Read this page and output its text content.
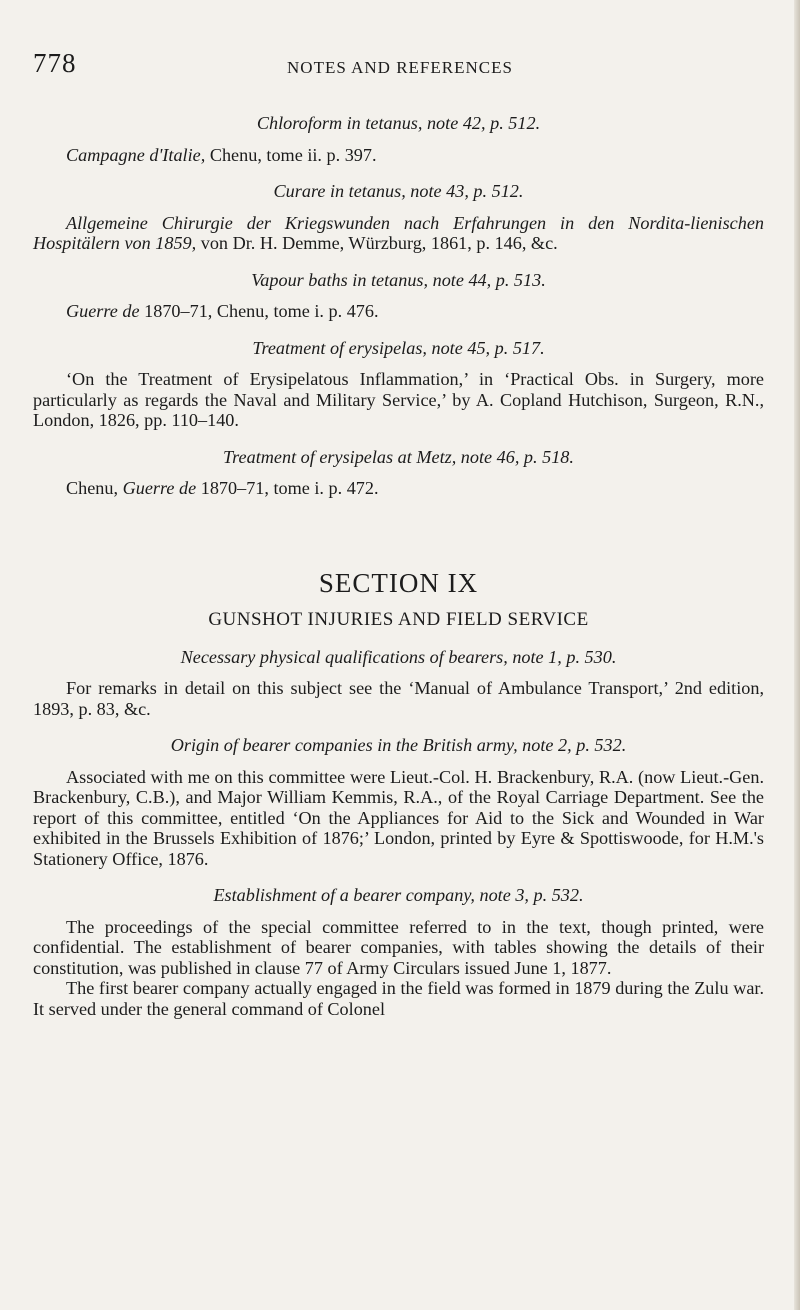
778	NOTES AND REFERENCES

Chloroform in tetanus, note 42, p. 512.

Campagne d'Italie, Chenu, tome ii. p. 397.

Curare in tetanus, note 43, p. 512.

Allgemeine Chirurgie der Kriegswunden nach Erfahrungen in den Nordita-lienischen Hospitälern von 1859, von Dr. H. Demme, Würzburg, 1861, p. 146, &c.

Vapour baths in tetanus, note 44, p. 513.

Guerre de 1870–71, Chenu, tome i. p. 476.

Treatment of erysipelas, note 45, p. 517.

‘On the Treatment of Erysipelatous Inflammation,’ in ‘Practical Obs. in Surgery, more particularly as regards the Naval and Military Service,’ by A. Copland Hutchison, Surgeon, R.N., London, 1826, pp. 110–140.

Treatment of erysipelas at Metz, note 46, p. 518.

Chenu, Guerre de 1870–71, tome i. p. 472.

SECTION IX
GUNSHOT INJURIES AND FIELD SERVICE

Necessary physical qualifications of bearers, note 1, p. 530.

For remarks in detail on this subject see the ‘Manual of Ambulance Transport,’ 2nd edition, 1893, p. 83, &c.

Origin of bearer companies in the British army, note 2, p. 532.

Associated with me on this committee were Lieut.-Col. H. Brackenbury, R.A. (now Lieut.-Gen. Brackenbury, C.B.), and Major William Kemmis, R.A., of the Royal Carriage Department. See the report of this committee, entitled ‘On the Appliances for Aid to the Sick and Wounded in War exhibited in the Brussels Exhibition of 1876;’ London, printed by Eyre & Spottiswoode, for H.M.'s Stationery Office, 1876.

Establishment of a bearer company, note 3, p. 532.

The proceedings of the special committee referred to in the text, though printed, were confidential. The establishment of bearer companies, with tables showing the details of their constitution, was published in clause 77 of Army Circulars issued June 1, 1877.

The first bearer company actually engaged in the field was formed in 1879 during the Zulu war. It served under the general command of Colonel
